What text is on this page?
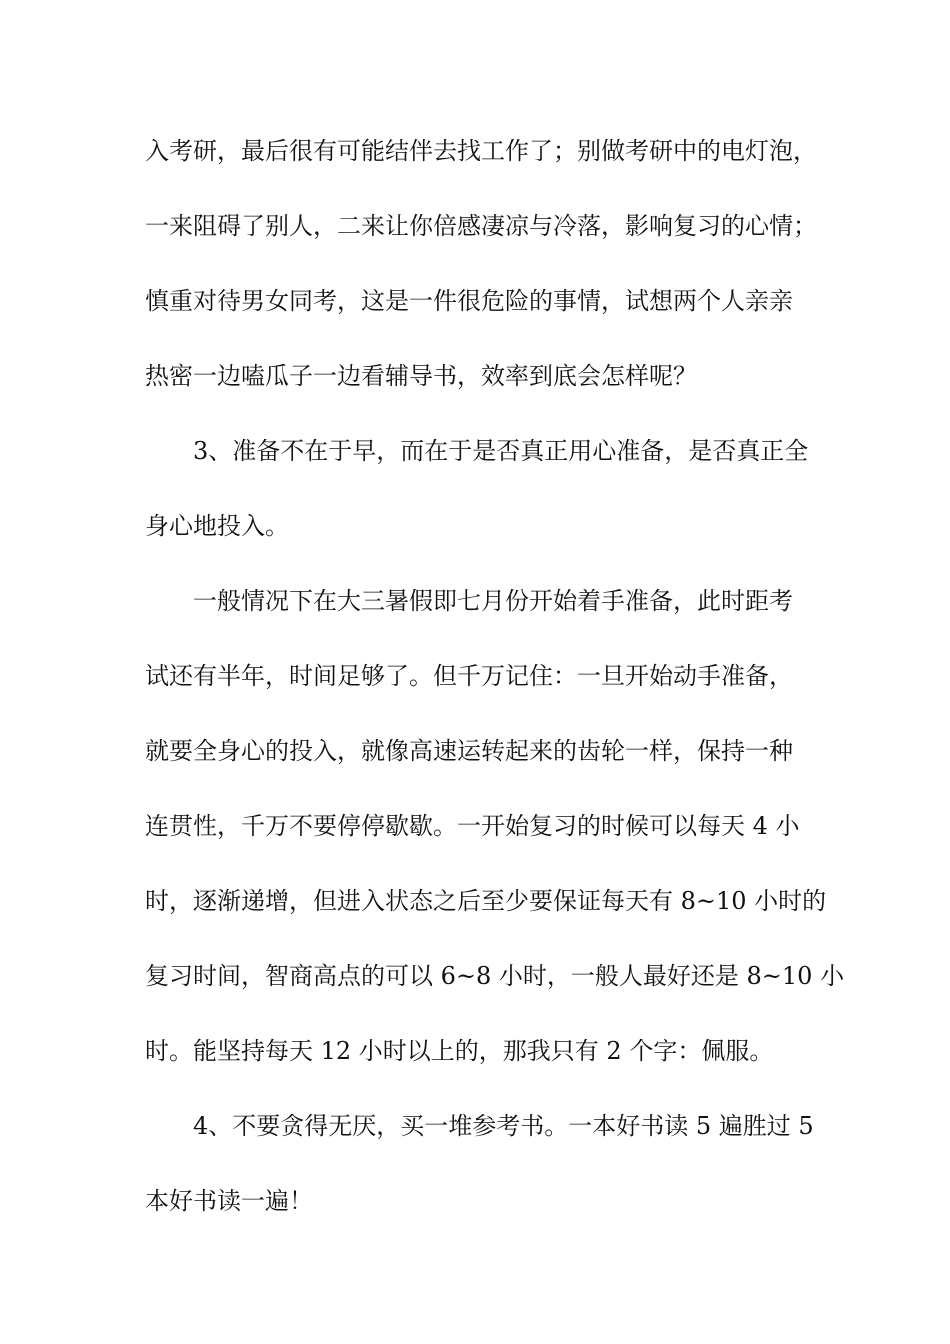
入考研，最后很有可能结伴去找工作了；别做考研中的电灯泡，
一来阻碍了别人，二来让你倍感凄凉与冷落，影响复习的心情；
慎重对待男女同考，这是一件很危险的事情，试想两个人亲亲
热密一边嗑瓜子一边看辅导书，效率到底会怎样呢？
3、准备不在于早，而在于是否真正用心准备，是否真正全
身心地投入。
一般情况下在大三暑假即七月份开始着手准备，此时距考
试还有半年，时间足够了。但千万记住：一旦开始动手准备，
就要全身心的投入，就像高速运转起来的齿轮一样，保持一种
连贯性，千万不要停停歇歇。一开始复习的时候可以每天 4 小
时，逐渐递增，但进入状态之后至少要保证每天有 8~10 小时的
复习时间，智商高点的可以 6~8 小时，一般人最好还是 8~10 小
时。能坚持每天 12 小时以上的，那我只有 2 个字：佩服。
4、不要贪得无厌，买一堆参考书。一本好书读 5 遍胜过 5
本好书读一遍！
